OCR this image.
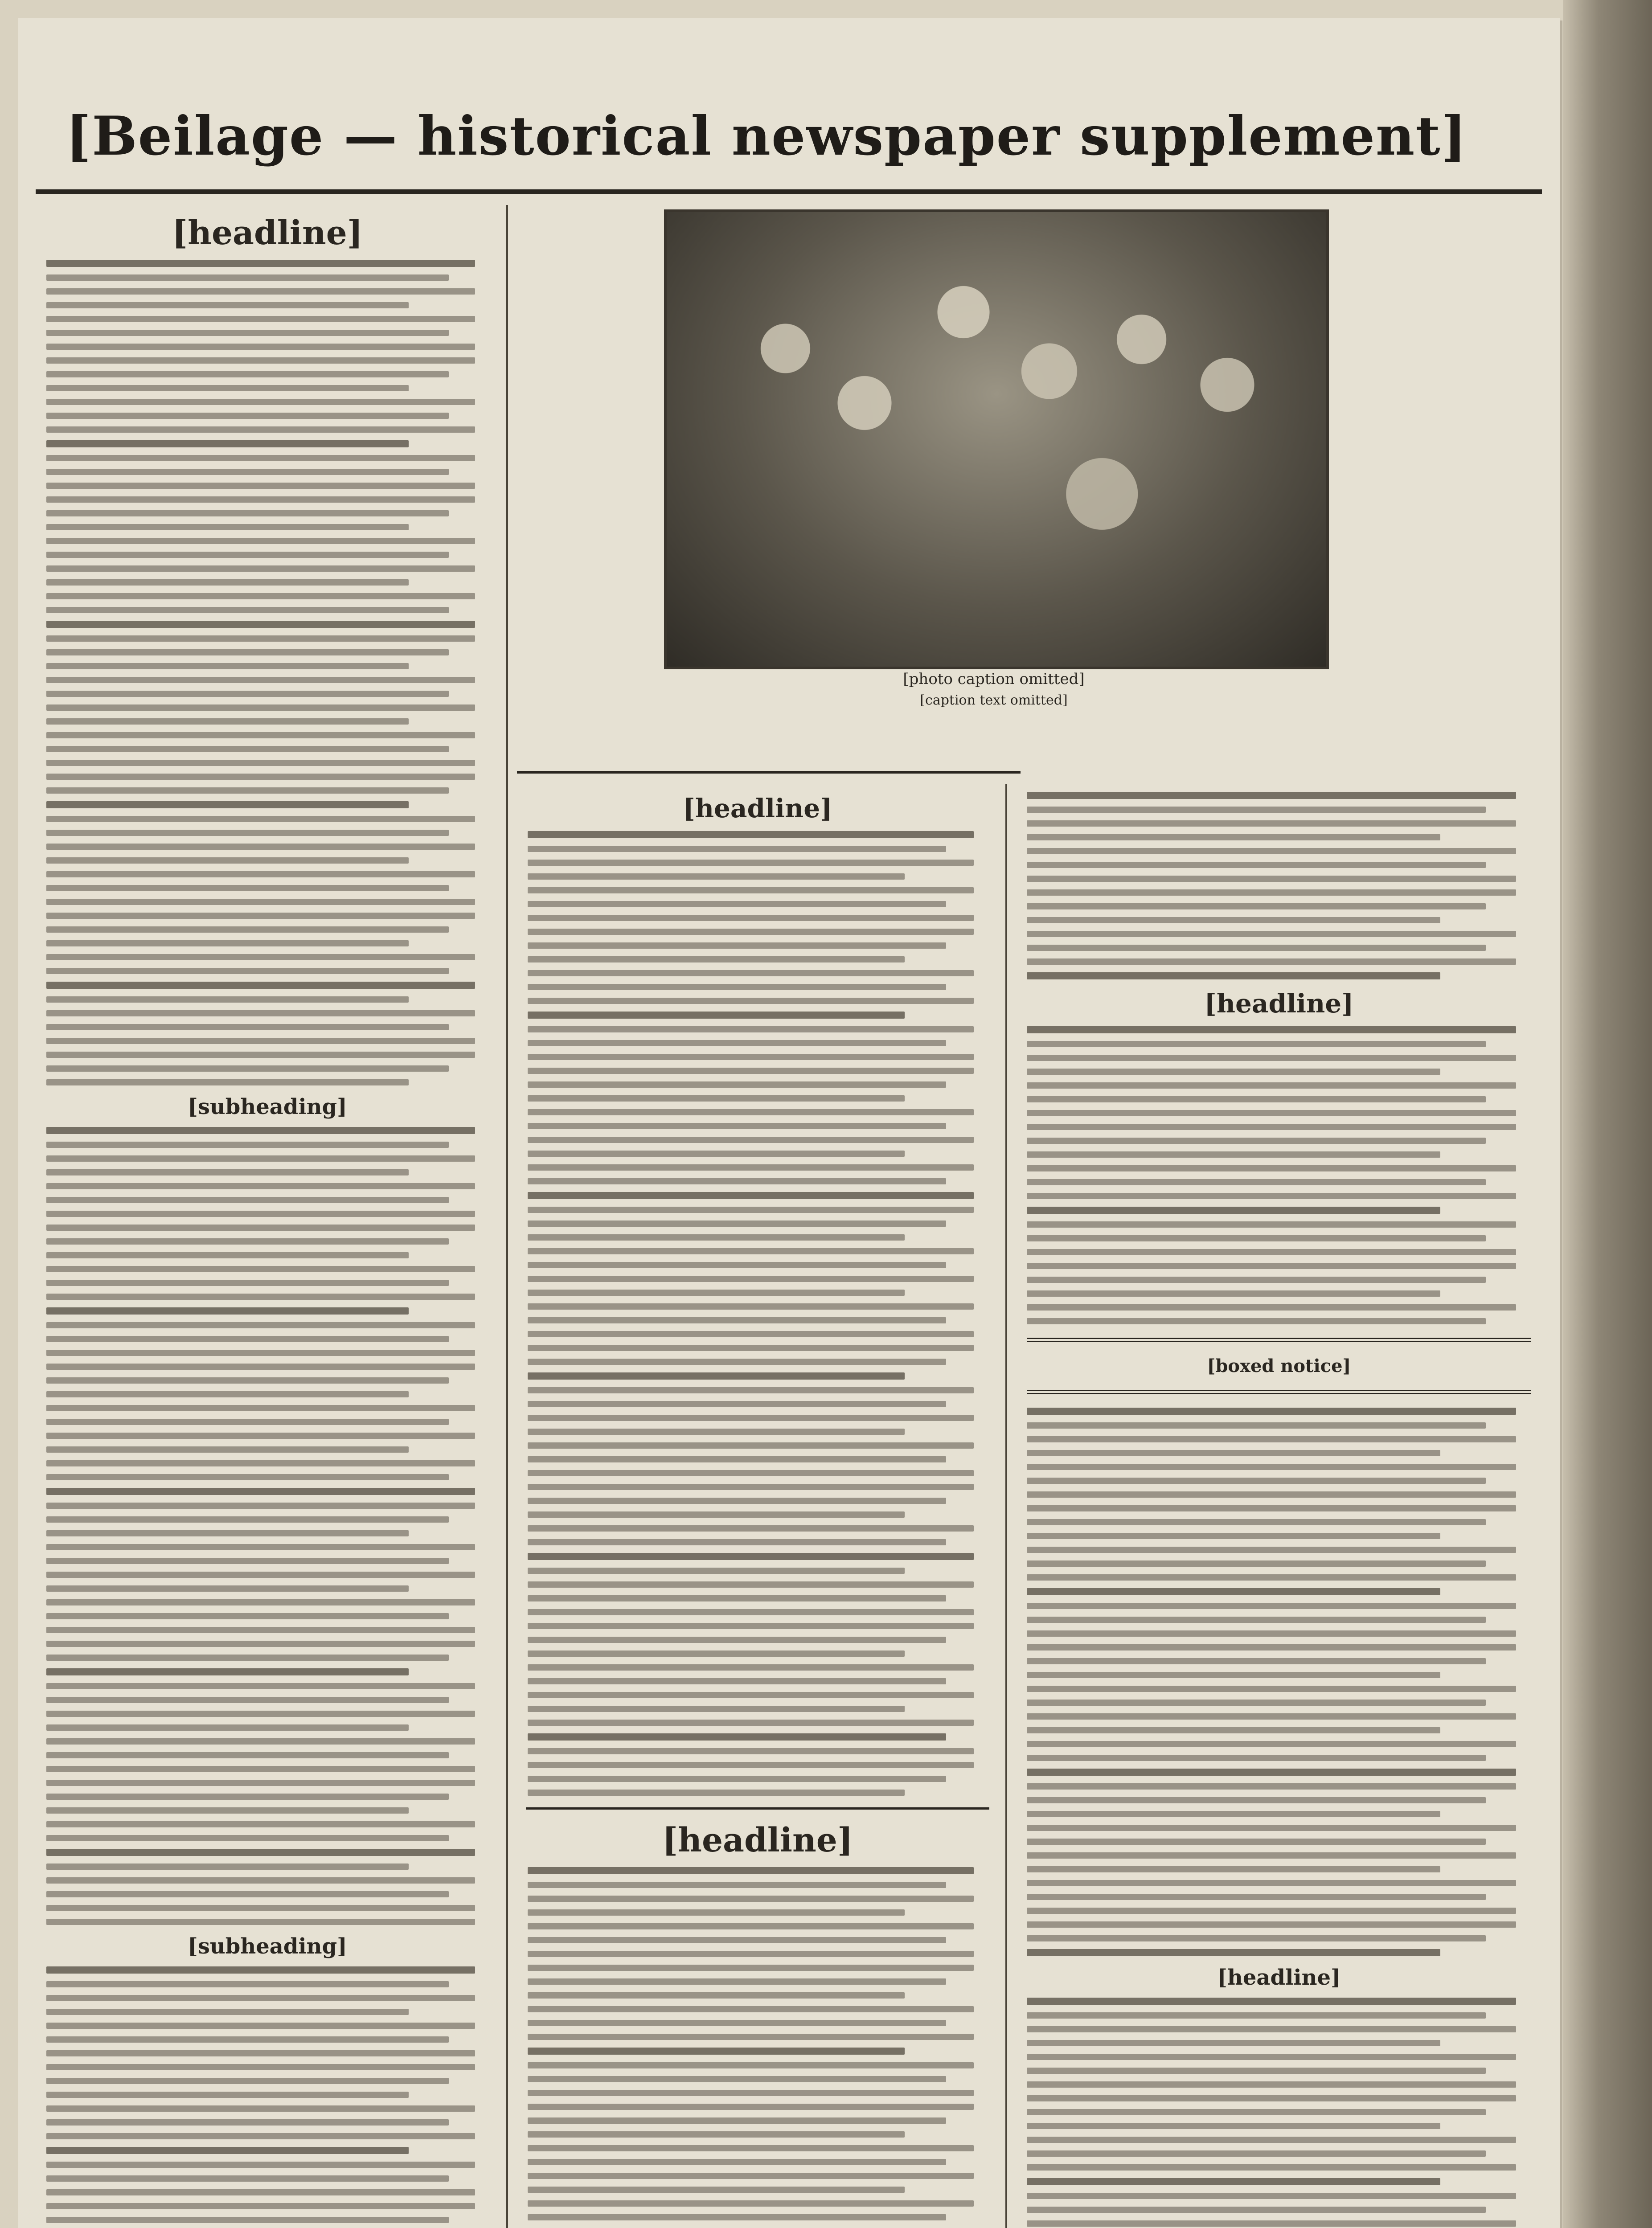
[Beilage — historical newspaper supplement]
[photo caption omitted]
[caption text omitted]
[headline]
[subheading]
[subheading]
[headline]
[headline]
[headline]
[boxed notice]
[headline]
